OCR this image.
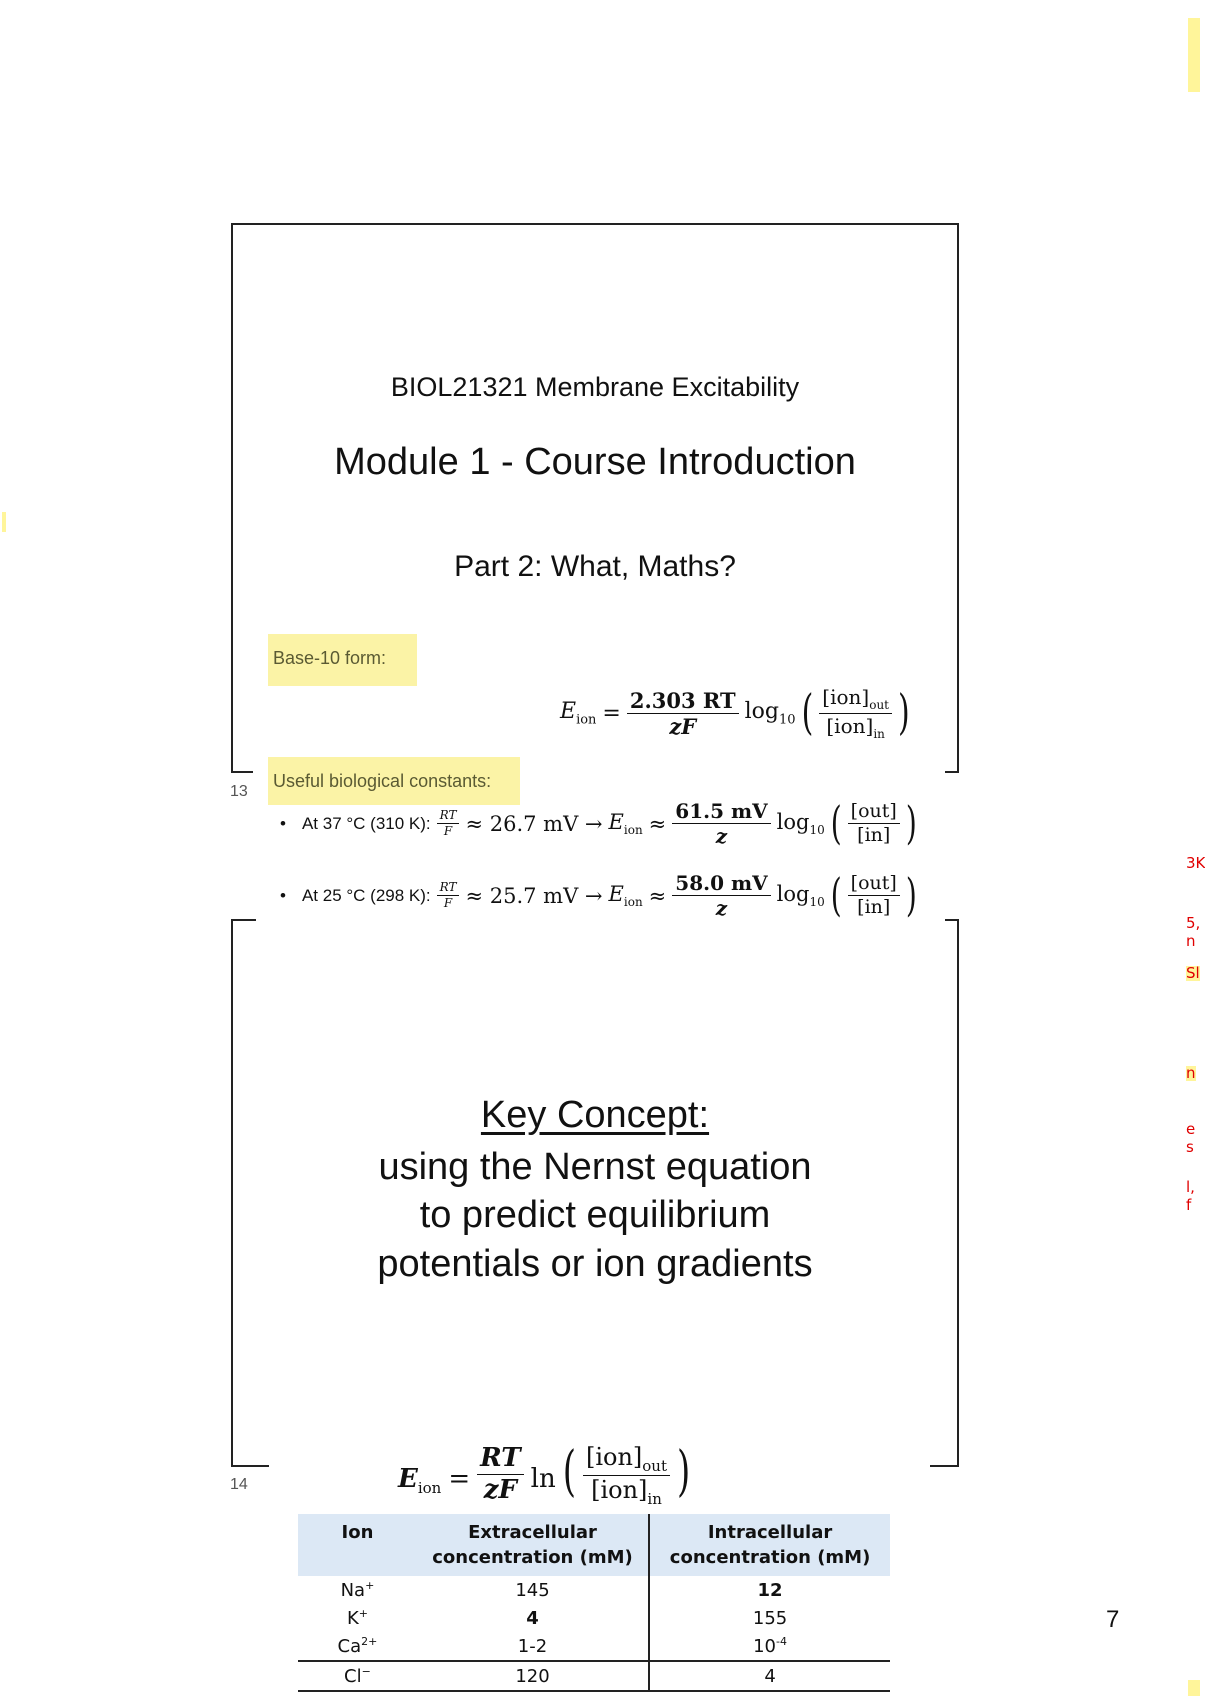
BIOL21321 Membrane Excitability
Module 1 - Course Introduction
Part 2: What, Maths?
13
Base-10 form:
$E_{ion} = \frac{2.303 RT}{zF} \log_{10}$ ( $\frac{[ion]_{out}}{[ion]_{in}}$ )
Useful biological constants:
• At 37 °C (310 K): $\frac{RT}{F} \approx 26.7$ mV → $E_{ion} \approx \frac{61.5 mV}{z} \log_{10}$ ( $\frac{\text{[out]}}{[in]}$ )
• At 25 °C (298 K): $\frac{RT}{F} \approx 25.7$ mV → $E_{ion} \approx \frac{58.0 mV}{z} \log_{10}$ ( $\frac{\text{[out]}}{[in]}$ )
Key Concept:
using the Nernst equation
to predict equilibrium
potentials or ion gradients
14	$E_{ion} = \frac{RT}{zF}$ ln ( $\frac{[ion]_{out}}{[ion]_{in}}$ )
Ion	Extracellular concentration (mM)	Intracellular concentration (mM)
Na+	145	12
K+	4	155
$Ca^{2+}$	1-2	$10^{-4}$
Cl−	120	4
7
3K
5,
n
Sl
n
e
s
l,
f
